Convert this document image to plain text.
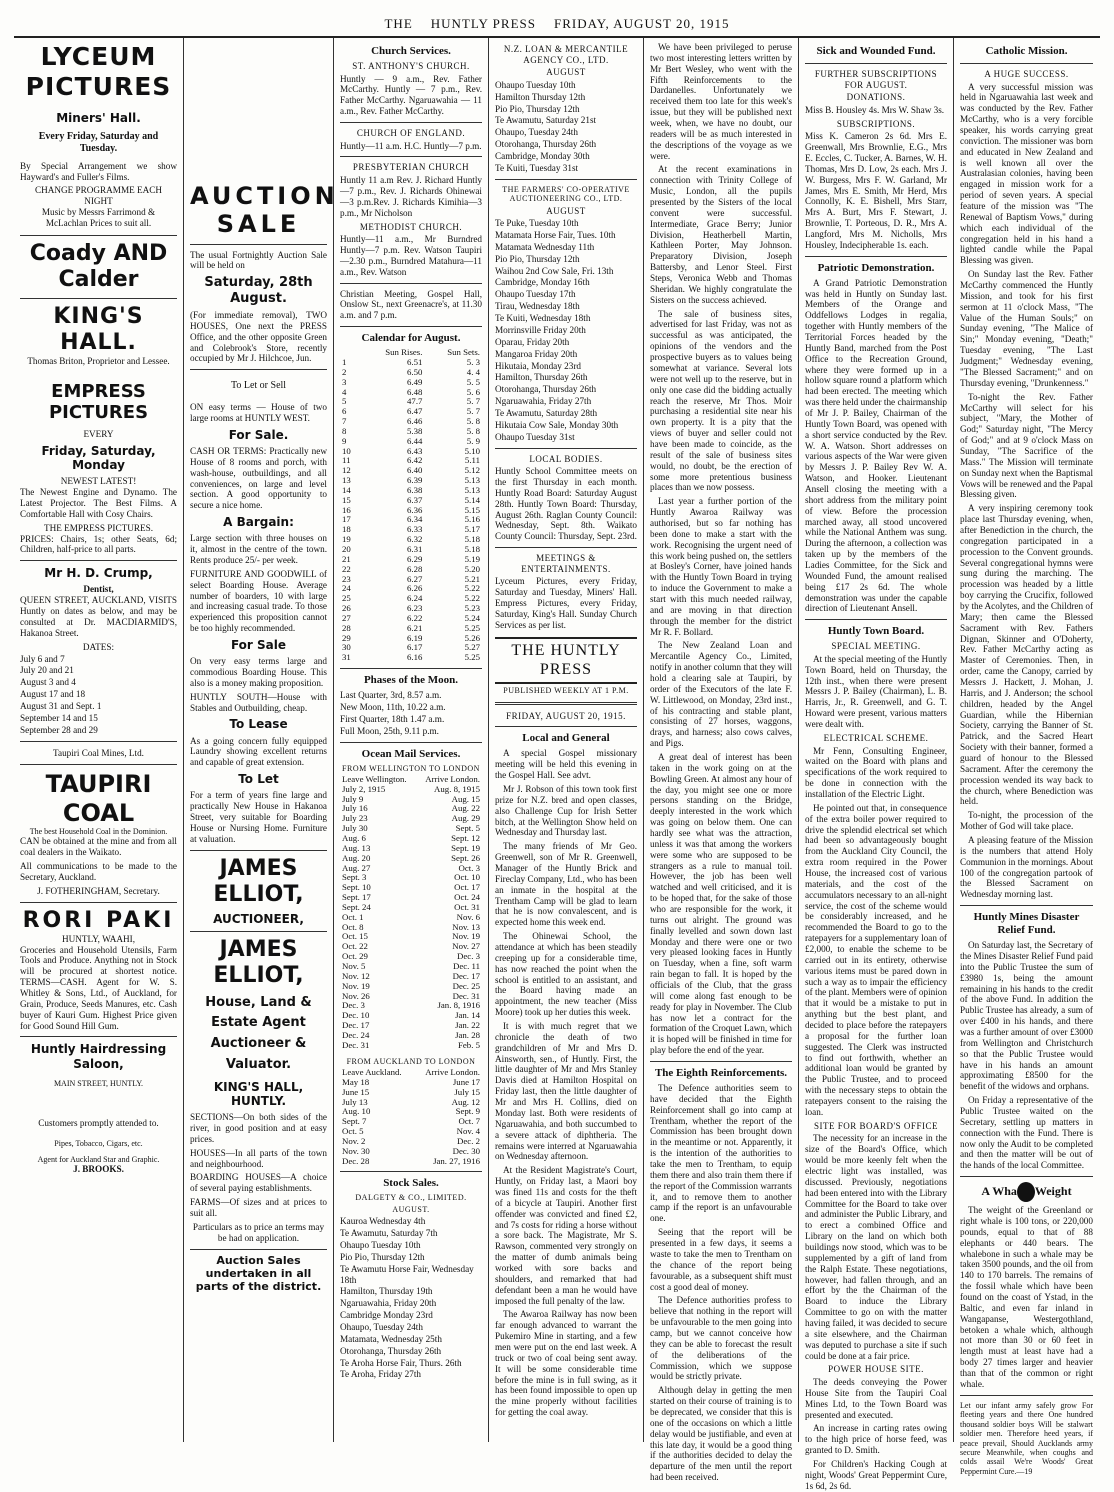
THE HUNTLY PRESS FRIDAY, AUGUST 20, 1915
LYCEUM
PICTURES
Miners' Hall.
Every Friday, Saturday and Tuesday.

By Special Arrangement we show Hayward's and Fuller's Films.

CHANGE PROGRAMME EACH NIGHT
Music by Messrs Farrimond & McLachlan Prices to suit all.
Coady AND Calder
KING'S HALL.
Thomas Briton, Proprietor and Lessee.
EMPRESS PICTURES
EVERY
Friday, Saturday, Monday
NEWEST LATEST!

The Newest Engine and Dynamo. The Latest Projector. The Best Films. A Comfortable Hall with Cosy Chairs.

THE EMPRESS PICTURES.

PRICES: Chairs, 1s; other Seats, 6d; Children, half-price to all parts.

Mr H. D. Crump,
Dentist,

QUEEN STREET, AUCKLAND, VISITS Huntly on dates as below, and may be consulted at Dr. MACDIARMID'S, Hakanoa Street.

DATES:
July 6 and 7
July 20 and 21
August 3 and 4
August 17 and 18
August 31 and Sept. 1
September 14 and 15
September 28 and 29
Taupiri Coal Mines, Ltd.
TAUPIRI COAL
The best Household Coal in the Dominion.

CAN be obtained at the mine and from all coal dealers in the Waikato.

All communications to be made to the Secretary, Auckland.

J. FOTHERINGHAM, Secretary.
RORI PAKI
HUNTLY, WAAHI,

Groceries and Household Utensils, Farm Tools and Produce. Anything not in Stock will be procured at shortest notice. TERMS—CASH. Agent for W. S. Whitley & Sons, Ltd., of Auckland, for Grain, Produce, Seeds Manures, etc. Cash buyer of Kauri Gum. Highest Price given for Good Sound Hill Gum.

Huntly Hairdressing Saloon,
MAIN STREET, HUNTLY.
Customers promptly attended to.
Pipes, Tobacco, Cigars, etc.
Agent for Auckland Star and Graphic.
J. BROOKS.
AUCTION SALE

The usual Fortnightly Auction Sale will be held on

Saturday, 28th August.

(For immediate removal), TWO HOUSES, One next the PRESS Office, and the other opposite Green and Colebrook's Store, recently occupied by Mr J. Hilchcoe, Jun.

To Let or Sell

ON easy terms — House of two large rooms at HUNTLY WEST.

For Sale.

CASH OR TERMS: Practically new House of 8 rooms and porch, with wash-house, outbuildings, and all conveniences, on large and level section. A good opportunity to secure a nice home.

A Bargain:

Large section with three houses on it, almost in the centre of the town. Rents produce 25/- per week.

FURNITURE AND GOODWILL of select Boarding House. Average number of boarders, 10 with large and increasing casual trade. To those experienced this proposition cannot be too highly recommended.

For Sale

On very easy terms large and commodious Boarding House. This also is a money making proposition.

HUNTLY SOUTH—House with Stables and Outbuilding, cheap.

To Lease

As a going concern fully equipped Laundry showing excellent returns and capable of great extension.

To Let

For a term of years fine large and practically New House in Hakanoa Street, very suitable for Boarding House or Nursing Home. Furniture at valuation.

JAMES ELLIOT,
AUCTIONEER,
JAMES ELLIOT,
House, Land & Estate Agent Auctioneer & Valuator.
KING'S HALL, HUNTLY.

SECTIONS—On both sides of the river, in good position and at easy prices.

HOUSES—In all parts of the town and neighbourhood.

BOARDING HOUSES—A choice of several paying establishments.

FARMS—Of sizes and at prices to suit all.

Particulars as to price an terms may be had on application.

Auction Sales undertaken in all parts of the district.
Church Services.
ST. ANTHONY'S CHURCH.

Huntly — 9 a.m., Rev. Father McCarthy. Huntly — 7 p.m., Rev. Father McCarthy. Ngaruawahia — 11 a.m., Rev. Father McCarthy.

CHURCH OF ENGLAND.

Huntly—11 a.m. H.C. Huntly—7 p.m.

PRESBYTERIAN CHURCH

Huntly 11 a.m Rev. J. Richard Huntly—7 p.m., Rev. J. Richards Ohinewai—3 p.m.Rev. J. Richards Kimihia—3 p.m., Mr Nicholson

METHODIST CHURCH.

Huntly—11 a.m., Mr Burndred Huntly—7 p.m. Rev. Watson Taupiri—2.30 p.m., Burndred Matahura—11 a.m., Rev. Watson

Christian Meeting, Gospel Hall, Onslow St., next Greenacre's, at 11.30 a.m. and 7 p.m.

Calendar for August.
	Sun Rises.	Sun Sets.
1	6.51	5. 3
2	6.50	4. 4
3	6.49	5. 5
4	6.48	5. 6
5	47.7	5. 7
6	6.47	5. 7
7	6.46	5. 8
8	5.38	5. 8
9	6.44	5. 9
10	6.43	5.10
11	6.42	5.11
12	6.40	5.12
13	6.39	5.13
14	6.38	5.13
15	6.37	5.14
16	6.36	5.15
17	6.34	5.16
18	6.33	5.17
19	6.32	5.18
20	6.31	5.18
21	6.29	5.19
22	6.28	5.20
23	6.27	5.21
24	6.26	5.22
25	6.24	5.22
26	6.23	5.23
27	6.22	5.24
28	6.21	5.25
29	6.19	5.26
30	6.17	5.27
31	6.16	5.25
Phases of the Moon.
Last Quarter, 3rd, 8.57 a.m.
New Moon, 11th, 10.22 a.m.
First Quarter, 18th 1.47 a.m.
Full Moon, 25th, 9.11 p.m.
Ocean Mail Services.
FROM WELLINGTON TO LONDON
Leave Wellington.	Arrive London.
July 2, 1915	Aug. 8, 1915
July 9	Aug. 15
July 16	Aug. 22
July 23	Aug. 29
July 30	Sept. 5
Aug. 6	Sept. 12
Aug. 13	Sept. 19
Aug. 20	Sept. 26
Aug. 27	Oct. 3
Sept. 3	Oct. 10
Sept. 10	Oct. 17
Sept. 17	Oct. 24
Sept. 24	Oct. 31
Oct. 1	Nov. 6
Oct. 8	Nov. 13
Oct. 15	Nov. 19
Oct. 22	Nov. 27
Oct. 29	Dec. 3
Nov. 5	Dec. 11
Nov. 12	Dec. 17
Nov. 19	Dec. 25
Nov. 26	Dec. 31
Dec. 3	Jan. 8, 1916
Dec. 10	Jan. 14
Dec. 17	Jan. 22
Dec. 24	Jan. 28
Dec. 31	Feb. 5
FROM AUCKLAND TO LONDON
Leave Auckland.	Arrive London.
May 18	June 17
June 15	July 15
July 13	Aug. 12
Aug. 10	Sept. 9
Sept. 7	Oct. 7
Oct. 5	Nov. 4
Nov. 2	Dec. 2
Nov. 30	Dec. 30
Dec. 28	Jan. 27, 1916
Stock Sales.
DALGETY & CO., LIMITED.
AUGUST.
Kauroa Wednesday 4th
Te Awamutu, Saturday 7th
Ohaupo Tuesday 10th
Pio Pio, Thursday 12th
Te Awamutu Horse Fair, Wednesday 18th
Hamilton, Thursday 19th
Ngaruawahia, Friday 20th
Cambridge Monday 23rd
Ohaupo, Tuesday 24th
Matamata, Wednesday 25th
Otorohanga, Thursday 26th
Te Aroha Horse Fair, Thurs. 26th
Te Aroha, Friday 27th
N.Z. LOAN & MERCANTILE AGENCY CO., LTD.
AUGUST
Ohaupo Tuesday 10th
Hamilton Thursday 12th
Pio Pio, Thursday 12th
Te Awamutu, Saturday 21st
Ohaupo, Tuesday 24th
Otorohanga, Thursday 26th
Cambridge, Monday 30th
Te Kuiti, Tuesday 31st
THE FARMERS' CO-OPERATIVE AUCTIONEERING CO., LTD.
AUGUST
Te Puke, Tuesday 10th
Matamata Horse Fair, Tues. 10th
Matamata Wednesday 11th
Pio Pio, Thursday 12th
Waihou 2nd Cow Sale, Fri. 13th
Cambridge, Monday 16th
Ohaupo Tuesday 17th
Tirau, Wednesday 18th
Te Kuiti, Wednesday 18th
Morrinsville Friday 20th
Oparau, Friday 20th
Mangaroa Friday 20th
Hikutaia, Monday 23rd
Hamilton, Thursday 26th
Otorohanga, Thursday 26th
Ngaruawahia, Friday 27th
Te Awamutu, Saturday 28th
Hikutaia Cow Sale, Monday 30th
Ohaupo Tuesday 31st
LOCAL BODIES.

Huntly School Committee meets on the first Thursday in each month. Huntly Road Board: Saturday August 28th. Huntly Town Board: Thursday, August 26th. Raglan County Council: Wednesday, Sept. 8th. Waikato County Council: Thursday, Sept. 23rd.

MEETINGS & ENTERTAINMENTS.

Lyceum Pictures, every Friday, Saturday and Tuesday, Miners' Hall. Empress Pictures, every Friday, Saturday, King's Hall. Sunday Church Services as per list.

THE HUNTLY PRESS
PUBLISHED WEEKLY AT 1 P.M.
FRIDAY, AUGUST 20, 1915.
Local and General

A special Gospel missionary meeting will be held this evening in the Gospel Hall. See advt.

Mr J. Robson of this town took first prize for N.Z. bred and open classes, also Challenge Cup for Irish Setter bitch, at the Wellington Show held on Wednesday and Thursday last.

The many friends of Mr Geo. Greenwell, son of Mr R. Greenwell, Manager of the Huntly Brick and Fireclay Company, Ltd., who has been an inmate in the hospital at the Trentham Camp will be glad to learn that he is now convalescent, and is expected home this week end.

The Ohinewai School, the attendance at which has been steadily creeping up for a considerable time, has now reached the point when the school is entitled to an assistant, and the Board having made an appointment, the new teacher (Miss Moore) took up her duties this week.

It is with much regret that we chronicle the death of two grandchildren of Mr and Mrs D. Ainsworth, sen., of Huntly. First, the little daughter of Mr and Mrs Stanley Davis died at Hamilton Hospital on Friday last, then the little daughter of Mr and Mrs H. Collins, died on Monday last. Both were residents of Ngaruawahia, and both succumbed to a severe attack of diphtheria. The remains were interred at Ngaruawahia on Wednesday afternoon.

At the Resident Magistrate's Court, Huntly, on Friday last, a Maori boy was fined 11s and costs for the theft of a bicycle at Taupiri. Another first offender was convicted and fined £2, and 7s costs for riding a horse without a sore back. The Magistrate, Mr S. Rawson, commented very strongly on the matter of dumb animals being worked with sore backs and shoulders, and remarked that had defendant been a man he would have imposed the full penalty of the law.

The Awaroa Railway has now been far enough advanced to warrant the Pukemiro Mine in starting, and a few men were put on the end last week. A truck or two of coal being sent away. It will be some considerable time before the mine is in full swing, as it has been found impossible to open up the mine properly without facilities for getting the coal away.

We have been privileged to peruse two most interesting letters written by Mr Bert Wesley, who went with the Fifth Reinforcements to the Dardanelles. Unfortunately we received them too late for this week's issue, but they will be published next week, when, we have no doubt, our readers will be as much interested in the descriptions of the voyage as we were.

At the recent examinations in connection with Trinity College of Music, London, all the pupils presented by the Sisters of the local convent were successful. Intermediate, Grace Berry; Junior Division, Heatherbell Martin, Kathleen Porter, May Johnson. Preparatory Division, Joseph Battersby, and Lenor Steel. First Steps, Veronica Webb and Thomas Sheridan. We highly congratulate the Sisters on the success achieved.

The sale of business sites, advertised for last Friday, was not as successful as was anticipated, the opinions of the vendors and the prospective buyers as to values being somewhat at variance. Several lots were not well up to the reserve, but in only one case did the bidding actually reach the reserve, Mr Thos. Moir purchasing a residential site near his own property. It is a pity that the views of buyer and seller could not have been made to coincide, as the result of the sale of business sites would, no doubt, be the erection of some more pretentious business places than we now possess.

Last year a further portion of the Huntly Awaroa Railway was authorised, but so far nothing has been done to make a start with the work. Recognising the urgent need of this work being pushed on, the settlers at Bosley's Corner, have joined hands with the Huntly Town Board in trying to induce the Government to make a start with this much needed railway, and are moving in that direction through the member for the district Mr R. F. Bollard.

The New Zealand Loan and Mercantile Agency Co., Limited, notify in another column that they will hold a clearing sale at Taupiri, by order of the Executors of the late F. W. Littlewood, on Monday, 23rd inst., of his contracting and stable plant, consisting of 27 horses, waggons, drays, and harness; also cows calves, and Pigs.

A great deal of interest has been taken in the work going on at the Bowling Green. At almost any hour of the day, you might see one or more persons standing on the Bridge, deeply interested in the work which was going on below them. One can hardly see what was the attraction, unless it was that among the workers were some who are supposed to be strangers as a rule to manual toil. However, the job has been well watched and well criticised, and it is to be hoped that, for the sake of those who are responsible for the work, it turns out alright. The ground was finally levelled and sown down last Monday and there were one or two very pleased looking faces in Huntly on Tuesday, when a fine, soft warm rain began to fall. It is hoped by the officials of the Club, that the grass will come along fast enough to be ready for play in November. The Club has now let a contract for the formation of the Croquet Lawn, which it is hoped will be finished in time for play before the end of the year.

The Eighth Reinforcements.

The Defence authorities seem to have decided that the Eighth Reinforcement shall go into camp at Trentham, whether the report of the Commission has been brought down in the meantime or not. Apparently, it is the intention of the authorities to take the men to Trentham, to equip them there and also train them there if the report of the Commission warrants it, and to remove them to another camp if the report is an unfavourable one.

Seeing that the report will be presented in a few days, it seems a waste to take the men to Trentham on the chance of the report being favourable, as a subsequent shift must cost a good deal of money.

The Defence authorities profess to believe that nothing in the report will be unfavourable to the men going into camp, but we cannot conceive how they can be able to forecast the result of the deliberations of the Commission, which we suppose would be strictly private.

Although delay in getting the men started on their course of training is to be deprecated, we consider that this is one of the occasions on which a little delay would be justifiable, and even at this late day, it would be a good thing if the authorities decided to delay the departure of the men until the report had been received.

Sick and Wounded Fund.
FURTHER SUBSCRIPTIONS FOR AUGUST.
DONATIONS.

Miss B. Housley 4s. Mrs W. Shaw 3s.

SUBSCRIPTIONS.

Miss K. Cameron 2s 6d. Mrs E. Greenwall, Mrs Brownlie, E.G., Mrs E. Eccles, C. Tucker, A. Barnes, W. H. Thomas, Mrs D. Low, 2s each. Mrs J. W. Burgess, Mrs F. W. Garland, Mr James, Mrs E. Smith, Mr Herd, Mrs Connolly, K. E. Bishell, Mrs Starr, Mrs A. Burt, Mrs F. Stewart, J. Brownlie, T. Porteous, D. R., Mrs A. Langford, Mrs M. Nicholls, Mrs Housley, Indecipherable 1s. each.

Patriotic Demonstration.

A Grand Patriotic Demonstration was held in Huntly on Sunday last. Members of the Orange and Oddfellows Lodges in regalia, together with Huntly members of the Territorial Forces headed by the Huntly Band, marched from the Post Office to the Recreation Ground, where they were formed up in a hollow square round a platform which had been erected. The meeting which was there held under the chairmanship of Mr J. P. Bailey, Chairman of the Huntly Town Board, was opened with a short service conducted by the Rev. W. A. Watson. Short addresses on various aspects of the War were given by Messrs J. P. Bailey Rev W. A. Watson, and Hooker. Lieutenant Ansell closing the meeting with a short address from the military point of view. Before the procession marched away, all stood uncovered while the National Anthem was sung. During the afternoon, a collection was taken up by the members of the Ladies Committee, for the Sick and Wounded Fund, the amount realised being £17 2s 6d. The whole demonstration was under the capable direction of Lieutenant Ansell.

Huntly Town Board.
SPECIAL MEETING.

At the special meeting of the Huntly Town Board, held on Thursday, the 12th inst., when there were present Messrs J. P. Bailey (Chairman), L. B. Harris, Jr., R. Greenwell, and G. T. Howard were present, various matters were dealt with.

ELECTRICAL SCHEME.

Mr Fenn, Consulting Engineer, waited on the Board with plans and specifications of the work required to be done in connection with the installation of the Electric Light.

He pointed out that, in consequence of the extra boiler power required to drive the splendid electrical set which had been so advantageously bought from the Auckland City Council, the extra room required in the Power House, the increased cost of various materials, and the cost of the accumulators necessary to an all-night service, the cost of the scheme would be considerably increased, and he recommended the Board to go to the ratepayers for a supplementary loan of £2,000, to enable the scheme to be carried out in its entirety, otherwise various items must be pared down in such a way as to impair the efficiency of the plant. Members were of opinion that it would be a mistake to put in anything but the best plant, and decided to place before the ratepayers a proposal for the further loan suggested. The Clerk was instructed to find out forthwith, whether an additional loan would be granted by the Public Trustee, and to proceed with the necessary steps to obtain the ratepayers consent to the raising the loan.

SITE FOR BOARD'S OFFICE

The necessity for an increase in the size of the Board's Office, which would be more keenly felt when the electric light was installed, was discussed. Previously, negotiations had been entered into with the Library Committee for the Board to take over and administer the Public Library, and to erect a combined Office and Library on the land on which both buildings now stood, which was to be supplemented by a gift of land from the Ralph Estate. These negotiations, however, had fallen through, and an effort by the the Chairman of the Board to induce the Library Committee to go on with the matter having failed, it was decided to secure a site elsewhere, and the Chairman was deputed to purchase a site if such could be done at a fair price.

POWER HOUSE SITE.

The deeds conveying the Power House Site from the Taupiri Coal Mines Ltd, to the Town Board was presented and executed.

An increase in carting rates owing to the high price of horse feed, was granted to D. Smith.

For Children's Hacking Cough at night, Woods' Great Peppermint Cure, 1s 6d, 2s 6d.

Catholic Mission.
A HUGE SUCCESS.

A very successful mission was held in Ngaruawahia last week and was conducted by the Rev. Father McCarthy, who is a very forcible speaker, his words carrying great conviction. The missioner was born and educated in New Zealand and is well known all over the Australasian colonies, having been engaged in mission work for a period of seven years. A special feature of the mission was "The Renewal of Baptism Vows," during which each individual of the congregation held in his hand a lighted candle while the Papal Blessing was given.

On Sunday last the Rev. Father McCarthy commenced the Huntly Mission, and took for his first sermon at 11 o'clock Mass, "The Value of the Human Souls;" on Sunday evening, "The Malice of Sin;" Monday evening, "Death;" Tuesday evening, "The Last Judgment;" Wednesday evening, "The Blessed Sacrament;" and on Thursday evening, "Drunkenness."

To-night the Rev. Father McCarthy will select for his subject, "Mary, the Mother of God;" Saturday night, "The Mercy of God;" and at 9 o'clock Mass on Sunday, "The Sacrifice of the Mass." The Mission will terminate on Sunday next when the Baptismal Vows will be renewed and the Papal Blessing given.

A very inspiring ceremony took place last Thursday evening, when, after Benediction in the church, the congregation participated in a procession to the Convent grounds. Several congregational hymns were sung during the marching. The procession was headed by a little boy carrying the Crucifix, followed by the Acolytes, and the Children of Mary; then came the Blessed Sacrament with Rev. Fathers Dignan, Skinner and O'Doherty, Rev. Father McCarthy acting as Master of Ceremonies. Then, in order, came the Canopy, carried by Messrs J. Hackett, J. Mohan, J. Harris, and J. Anderson; the school children, headed by the Angel Guardian, while the Hibernian Society, carrying the Banner of St. Patrick, and the Sacred Heart Society with their banner, formed a guard of honour to the Blessed Sacrament. After the ceremony the procession wended its way back to the church, where Benediction was held.

To-night, the procession of the Mother of God will take place.

A pleasing feature of the Mission is the numbers that attend Holy Communion in the mornings. About 100 of the congregation partook of the Blessed Sacrament on Wednesday morning last.

Huntly Mines Disaster Relief Fund.

On Saturday last, the Secretary of the Mines Disaster Relief Fund paid into the Public Trustee the sum of £3980 1s, being the amount remaining in his hands to the credit of the above Fund. In addition the Public Trustee has already, a sum of over £400 in his hands, and there was a further amount of over £3000 from Wellington and Christchurch so that the Public Trustee would have in his hands an amount approximating £8500 for the benefit of the widows and orphans.

On Friday a representative of the Public Trustee waited on the Secretary, settling up matters in connection with the Fund. There is now only the Audit to be completed and then the matter will be out of the hands of the local Committee.

A Wha Weight

The weight of the Greenland or right whale is 100 tons, or 220,000 pounds, equal to that of 88 elephants or 440 bears. The whalebone in such a whale may be taken 3500 pounds, and the oil from 140 to 170 barrels. The remains of the fossil whale which have been found on the coast of Ystad, in the Baltic, and even far inland in Wangapanse, Westergothland, betoken a whale which, although not more than 30 or 60 feet in length must at least have had a body 27 times larger and heavier than that of the common or right whale.

Let our infant army safely grow For fleeting years and there One hundred thousand soldier boys Will be stalwart soldier men. Therefore heed years, if peace prevail, Should Aucklands army secure Meanwhile, when coughs and colds assail We're Woods' Great Peppermint Cure.—19
